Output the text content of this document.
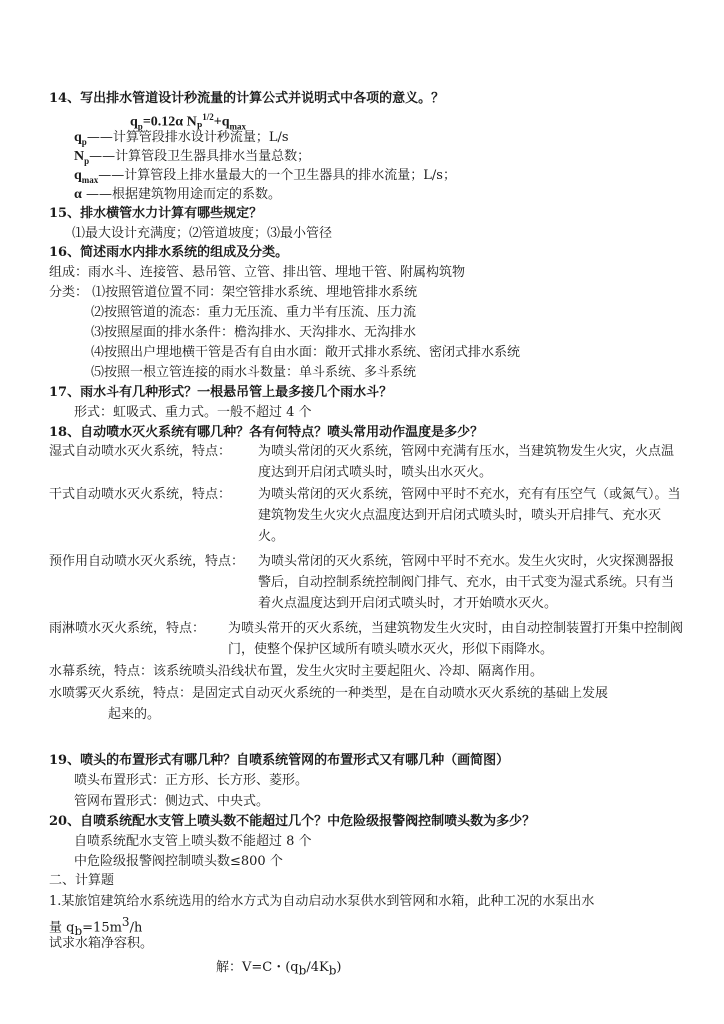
14、写出排水管道设计秒流量的计算公式并说明式中各项的意义。？
$q_p=0.12\alpha$ $N_P^{1/2}+q_{max}$
$q_p——$计算管段排水设计秒流量；L/s
$N_p——$计算管段卫生器具排水当量总数；
$q_{max}——$计算管段上排水量最大的一个卫生器具的排水流量；L/s；
α ——根据建筑物用途而定的系数。
15、排水横管水力计算有哪些规定？
⑴最大设计充满度；⑵管道坡度；⑶最小管径
16、简述雨水内排水系统的组成及分类。
组成：雨水斗、连接管、悬吊管、立管、排出管、埋地干管、附属构筑物
分类： ⑴按照管道位置不同：架空管排水系统、埋地管排水系统
⑵按照管道的流态：重力无压流、重力半有压流、压力流
⑶按照屋面的排水条件：檐沟排水、天沟排水、无沟排水
⑷按照出户埋地横干管是否有自由水面：敞开式排水系统、密闭式排水系统
⑸按照一根立管连接的雨水斗数量：单斗系统、多斗系统
17、雨水斗有几种形式？一根悬吊管上最多接几个雨水斗？
形式：虹吸式、重力式。一般不超过 4 个
18、自动喷水灭火系统有哪几种？各有何特点？喷头常用动作温度是多少？
湿式自动喷水灭火系统，特点： 为喷头常闭的灭火系统，管网中充满有压水，当建筑物发生火灾，火点温度达到开启闭式喷头时，喷头出水灭火。
干式自动喷水灭火系统，特点： 为喷头常闭的灭火系统，管网中平时不充水，充有有压空气（或氮气）。当建筑物发生火灾火点温度达到开启闭式喷头时，喷头开启排气、充水灭火。
预作用自动喷水灭火系统，特点： 为喷头常闭的灭火系统，管网中平时不充水。发生火灾时，火灾探测器报警后，自动控制系统控制阀门排气、充水，由干式变为湿式系统。只有当着火点温度达到开启闭式喷头时，才开始喷水灭火。
雨淋喷水灭火系统，特点： 为喷头常开的灭火系统，当建筑物发生火灾时，由自动控制装置打开集中控制阀门，使整个保护区域所有喷头喷水灭火，形似下雨降水。
水幕系统，特点：该系统喷头沿线状布置，发生火灾时主要起阻火、冷却、隔离作用。
水喷雾灭火系统，特点：是固定式自动灭火系统的一种类型，是在自动喷水灭火系统的基础上发展
起来的。
19、喷头的布置形式有哪几种？自喷系统管网的布置形式又有哪几种（画简图）
喷头布置形式：正方形、长方形、菱形。
管网布置形式：侧边式、中央式。
20、自喷系统配水支管上喷头数不能超过几个？中危险级报警阀控制喷头数为多少？
自喷系统配水支管上喷头数不能超过 8 个
中危险级报警阀控制喷头数≤800 个
二、计算题
1.某旅馆建筑给水系统选用的给水方式为自动启动水泵供水到管网和水箱，此种工况的水泵出水
量 $q_b=15m^3/h$
试求水箱净容积。
解：V=C・$(q_b/4K_b)$
